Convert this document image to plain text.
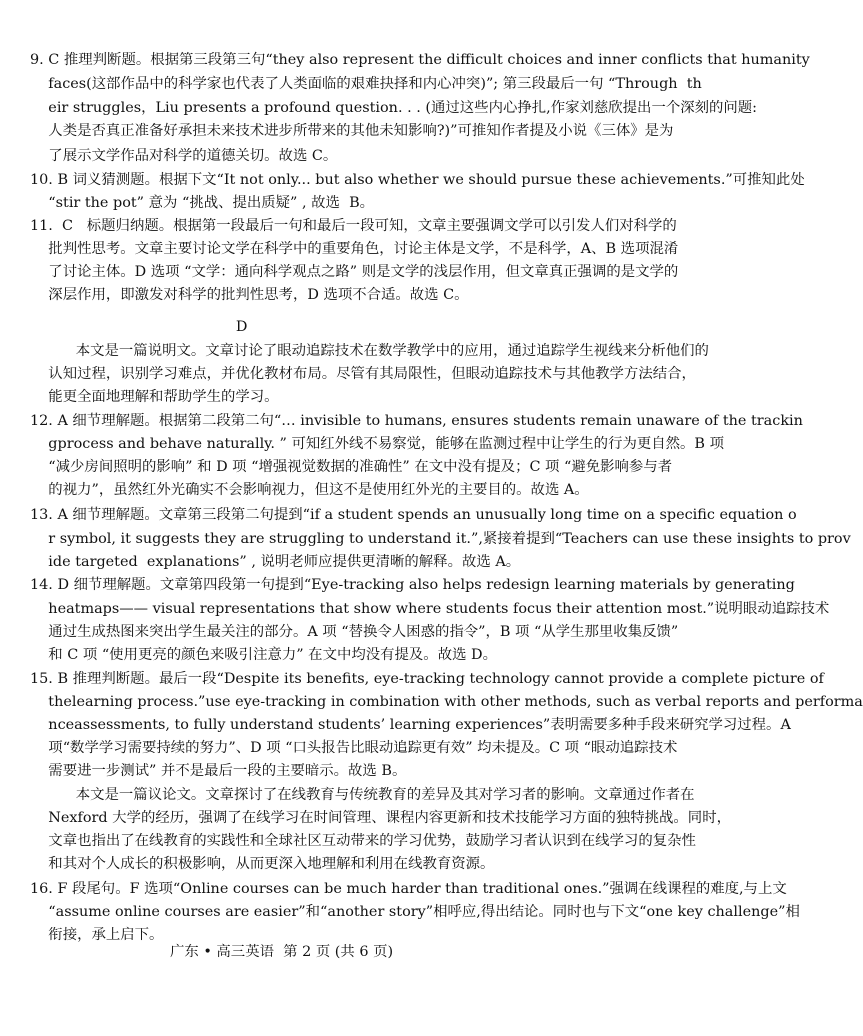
9. C 推理判断题。根据第三段第三句“they also represent the difficult choices and inner conflicts that humanity
faces(这部作品中的科学家也代表了人类面临的艰难抉择和内心冲突)”; 第三段最后一句 “Through  th
eir struggles，Liu presents a profound question. . . (通过这些内心挣扎,作家刘慈欣提出一个深刻的问题:
人类是否真正准备好承担未来技术进步所带来的其他未知影响?)”可推知作者提及小说《三体》是为
了展示文学作品对科学的道德关切。故选 C。
10. B 词义猜测题。根据下文“It not only... but also whether we should pursue these achievements.”可推知此处
“stir the pot” 意为 “挑战、提出质疑” , 故选  B。
11.  C   标题归纳题。根据第一段最后一句和最后一段可知，文章主要强调文学可以引发人们对科学的
批判性思考。文章主要讨论文学在科学中的重要角色，讨论主体是文学，不是科学，A、B 选项混淆
了讨论主体。D 选项 “文学：通向科学观点之路” 则是文学的浅层作用，但文章真正强调的是文学的
深层作用，即激发对科学的批判性思考，D 选项不合适。故选 C。
D
本文是一篇说明文。文章讨论了眼动追踪技术在数学教学中的应用，通过追踪学生视线来分析他们的
认知过程，识别学习难点，并优化教材布局。尽管有其局限性，但眼动追踪技术与其他教学方法结合，
能更全面地理解和帮助学生的学习。
12. A 细节理解题。根据第二段第二句“… invisible to humans, ensures students remain unaware of the trackin
gprocess and behave naturally. ” 可知红外线不易察觉，能够在监测过程中让学生的行为更自然。B 项
“减少房间照明的影响” 和 D 项 “增强视觉数据的准确性” 在文中没有提及；C 项 “避免影响参与者
的视力”，虽然红外光确实不会影响视力，但这不是使用红外光的主要目的。故选 A。
13. A 细节理解题。文章第三段第二句提到“if a student spends an unusually long time on a specific equation o
r symbol, it suggests they are struggling to understand it.”,紧接着提到“Teachers can use these insights to prov
ide targeted  explanations” , 说明老师应提供更清晰的解释。故选 A。
14. D 细节理解题。文章第四段第一句提到“Eye-tracking also helps redesign learning materials by generating
heatmaps—— visual representations that show where students focus their attention most.”说明眼动追踪技术
通过生成热图来突出学生最关注的部分。A 项 “替换令人困惑的指令”，B 项 “从学生那里收集反馈”
和 C 项 “使用更亮的颜色来吸引注意力” 在文中均没有提及。故选 D。
15. B 推理判断题。最后一段“Despite its benefits, eye-tracking technology cannot provide a complete picture of
thelearning process.”use eye-tracking in combination with other methods, such as verbal reports and performa
nceassessments, to fully understand students’ learning experiences”表明需要多种手段来研究学习过程。A
项“数学学习需要持续的努力”、D 项 “口头报告比眼动追踪更有效” 均未提及。C 项 “眼动追踪技术
需要进一步测试” 并不是最后一段的主要暗示。故选 B。
本文是一篇议论文。文章探讨了在线教育与传统教育的差异及其对学习者的影响。文章通过作者在
Nexford 大学的经历，强调了在线学习在时间管理、课程内容更新和技术技能学习方面的独特挑战。同时，
文章也指出了在线教育的实践性和全球社区互动带来的学习优势，鼓励学习者认识到在线学习的复杂性
和其对个人成长的积极影响，从而更深入地理解和利用在线教育资源。
16. F 段尾句。F 选项“Online courses can be much harder than traditional ones.”强调在线课程的难度,与上文
“assume online courses are easier”和“another story”相呼应,得出结论。同时也与下文“one key challenge”相
衔接，承上启下。
广东 • 高三英语  第 2 页 (共 6 页)
